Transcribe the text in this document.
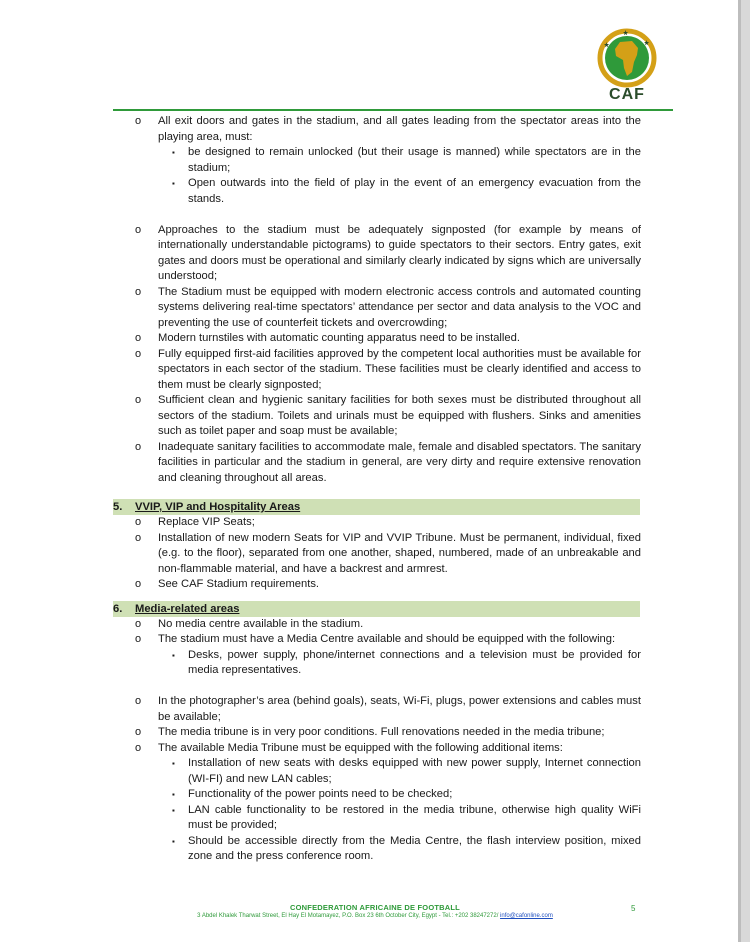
CAF
o All exit doors and gates in the stadium, and all gates leading from the spectator areas into the playing area, must:
▪ be designed to remain unlocked (but their usage is manned) while spectators are in the stadium;
▪ Open outwards into the field of play in the event of an emergency evacuation from the stands.
o Approaches to the stadium must be adequately signposted (for example by means of internationally understandable pictograms) to guide spectators to their sectors. Entry gates, exit gates and doors must be operational and similarly clearly indicated by signs which are universally understood;
o The Stadium must be equipped with modern electronic access controls and automated counting systems delivering real-time spectators’ attendance per sector and data analysis to the VOC and preventing the use of counterfeit tickets and overcrowding;
o Modern turnstiles with automatic counting apparatus need to be installed.
o Fully equipped first-aid facilities approved by the competent local authorities must be available for spectators in each sector of the stadium. These facilities must be clearly identified and access to them must be clearly signposted;
o Sufficient clean and hygienic sanitary facilities for both sexes must be distributed throughout all sectors of the stadium. Toilets and urinals must be equipped with flushers. Sinks and amenities such as toilet paper and soap must be available;
o Inadequate sanitary facilities to accommodate male, female and disabled spectators. The sanitary facilities in particular and the stadium in general, are very dirty and require extensive renovation and cleaning throughout all areas.
5. VVIP, VIP and Hospitality Areas
o Replace VIP Seats;
o Installation of new modern Seats for VIP and VVIP Tribune. Must be permanent, individual, fixed (e.g. to the floor), separated from one another, shaped, numbered, made of an unbreakable and non-flammable material, and have a backrest and armrest.
o See CAF Stadium requirements.
6. Media-related areas
o No media centre available in the stadium.
o The stadium must have a Media Centre available and should be equipped with the following:
▪ Desks, power supply, phone/internet connections and a television must be provided for media representatives.
o In the photographer’s area (behind goals), seats, Wi-Fi, plugs, power extensions and cables must be available;
o The media tribune is in very poor conditions. Full renovations needed in the media tribune;
o The available Media Tribune must be equipped with the following additional items:
▪ Installation of new seats with desks equipped with new power supply, Internet connection (WI-FI) and new LAN cables;
▪ Functionality of the power points need to be checked;
▪ LAN cable functionality to be restored in the media tribune, otherwise high quality WiFi must be provided;
▪ Should be accessible directly from the Media Centre, the flash interview position, mixed zone and the press conference room.
CONFEDERATION AFRICAINE DE FOOTBALL
3 Abdel Khalek Tharwat Street, El Hay El Motamayez, P.O. Box 23 6th October City, Egypt - Tel.: +202 38247272/ info@cafonline.com
5
